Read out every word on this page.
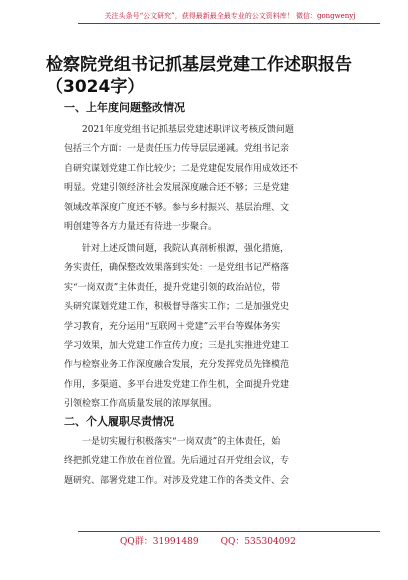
关注头条号“公文研究”，获得最新最全最专业的公文资料库！ 微信：gongwenyj
检察院党组书记抓基层党建工作述职报告
（3024字）
一、上年度问题整改情况
2021年度党组书记抓基层党建述职评议考核反馈问题
包括三个方面：一是责任压力传导层层递减。党组书记亲
自研究谋划党建工作比较少；二是党建促发展作用成效还不
明显。党建引领经济社会发展深度融合还不够；三是党建
领域改革深度广度还不够。参与乡村振兴、基层治理、文
明创建等各方力量还有待进一步聚合。
针对上述反馈问题，我院认真剖析根源，强化措施，
务实责任，确保整改效果落到实处：一是党组书记严格落
实“一岗双责”主体责任，提升党建引领的政治站位，带
头研究谋划党建工作，积极督导落实工作；二是加强党史
学习教育，充分运用“互联网＋党建”云平台等媒体务实
学习效果，加大党建工作宣传力度；三是扎实推进党建工
作与检察业务工作深度融合发展，充分发挥党员先锋模范
作用，多渠道、多平台进发党建工作生机，全面提升党建
引领检察工作高质量发展的浓厚氛围。
二、个人履职尽责情况
一是切实履行积极落实“一岗双责”的主体责任，始
终把抓党建工作放在首位置。先后通过召开党组会议，专
题研究、部署党建工作。对涉及党建工作的各类文件、会
QQ群：31991489 QQ：535304092
